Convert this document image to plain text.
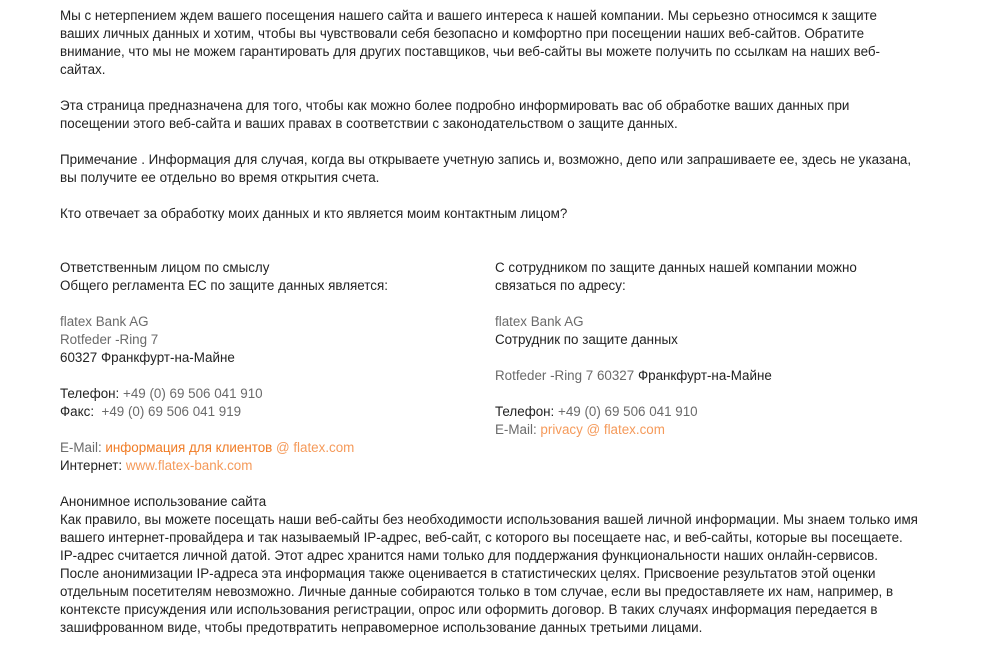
Мы с нетерпением ждем вашего посещения нашего сайта и вашего интереса к нашей компании. Мы серьезно относимся к защите ваших личных данных и хотим, чтобы вы чувствовали себя безопасно и комфортно при посещении наших веб-сайтов. Обратите внимание, что мы не можем гарантировать для других поставщиков, чьи веб-сайты вы можете получить по ссылкам на наших веб-сайтах.

Эта страница предназначена для того, чтобы как можно более подробно информировать вас об обработке ваших данных при посещении этого веб-сайта и ваших правах в соответствии с законодательством о защите данных.

Примечание . Информация для случая, когда вы открываете учетную запись и, возможно, депо или запрашиваете ее, здесь не указана, вы получите ее отдельно во время открытия счета.

Кто отвечает за обработку моих данных и кто является моим контактным лицом?

Ответственным лицом по смыслу
Общего регламента ЕС по защите данных является:
flatex Bank AG
Rotfeder -Ring 7
60327 Франкфурт-на-Майне
Телефон: +49 (0) 69 506 041 910
Факс: +49 (0) 69 506 041 919
E-Mail: информация для клиентов @ flatex.com
Интернет: www.flatex-bank.com
С сотрудником по защите данных нашей компании можно
связаться по адресу:
flatex Bank AG
Сотрудник по защите данных
Rotfeder -Ring 7 60327 Франкфурт-на-Майне
Телефон: +49 (0) 69 506 041 910
E-Mail: privacy @ flatex.com

Анонимное использование сайта

Как правило, вы можете посещать наши веб-сайты без необходимости использования вашей личной информации. Мы знаем только имя вашего интернет-провайдера и так называемый IP-адрес, веб-сайт, с которого вы посещаете нас, и веб-сайты, которые вы посещаете. IP-адрес считается личной датой. Этот адрес хранится нами только для поддержания функциональности наших онлайн-сервисов. После анонимизации IP-адреса эта информация также оценивается в статистических целях. Присвоение результатов этой оценки отдельным посетителям невозможно. Личные данные собираются только в том случае, если вы предоставляете их нам, например, в контексте присуждения или использования регистрации, опрос или оформить договор. В таких случаях информация передается в зашифрованном виде, чтобы предотвратить неправомерное использование данных третьими лицами.
